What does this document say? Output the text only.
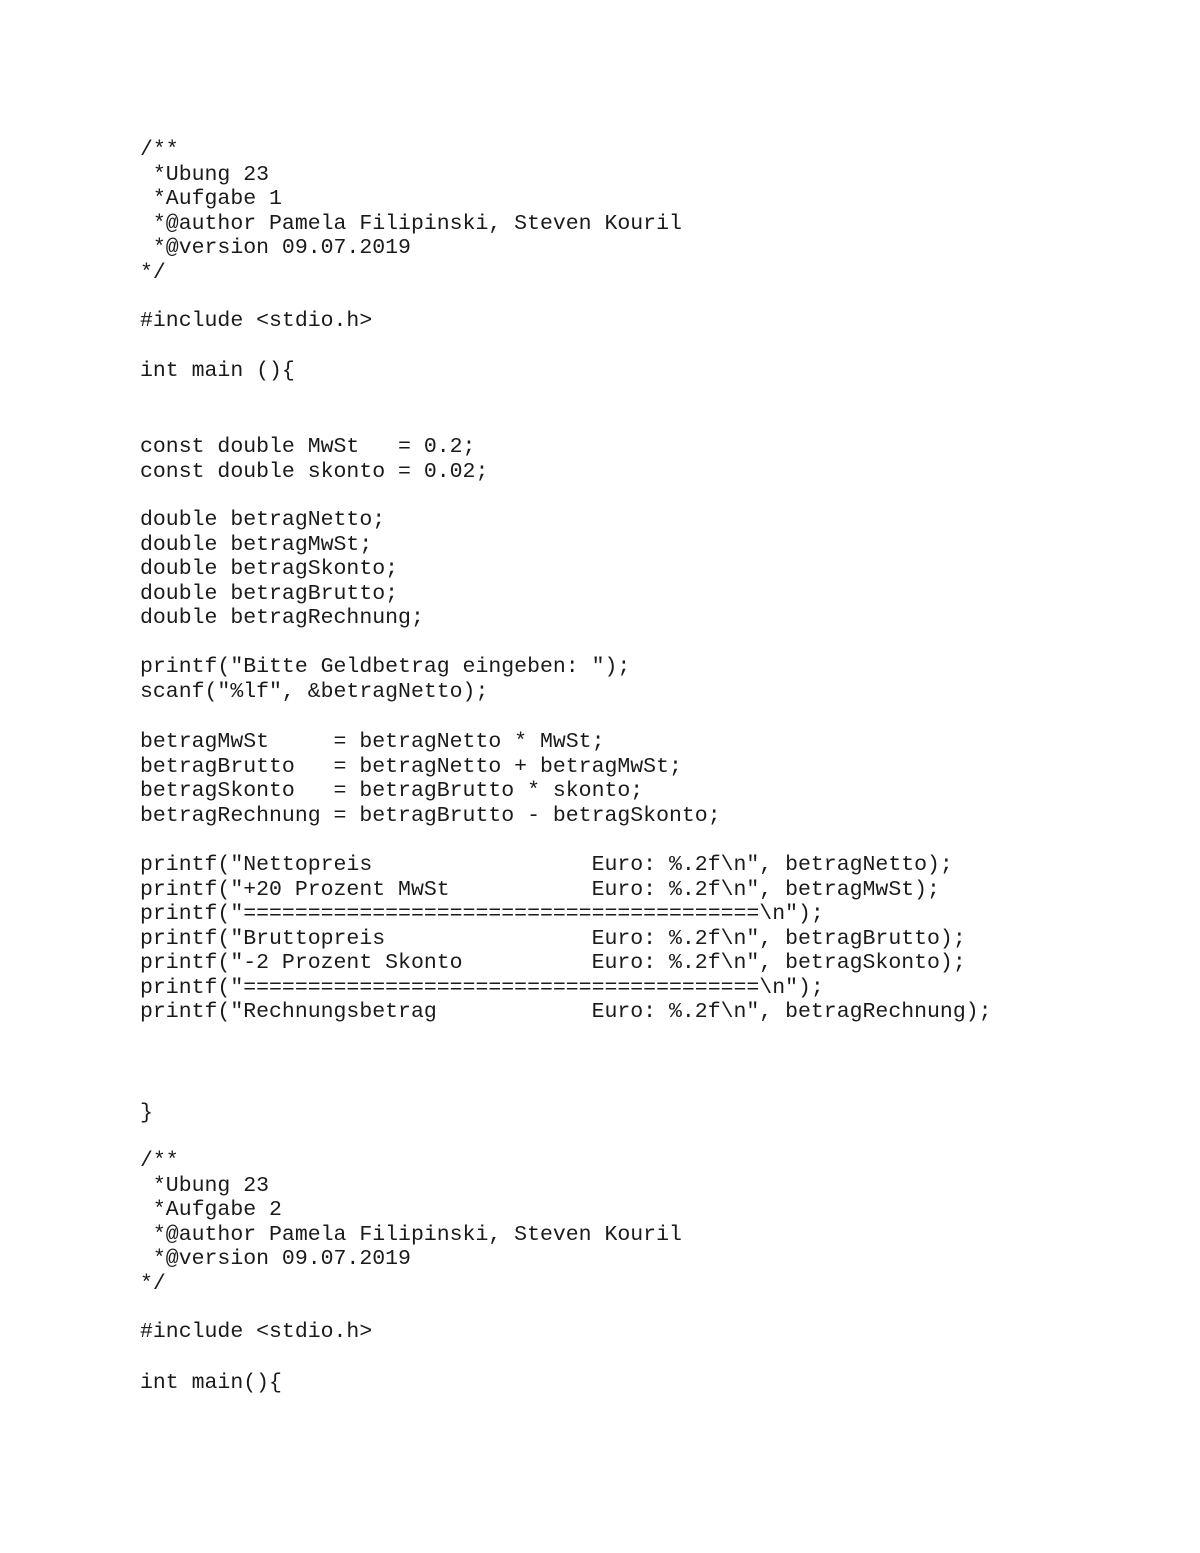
/**
*Ubung 23
*Aufgabe 1
*@author Pamela Filipinski, Steven Kouril
*@version 09.07.2019
*/
#include <stdio.h>
int main (){
const double MwSt   = 0.2;
const double skonto = 0.02;
double betragNetto;
double betragMwSt;
double betragSkonto;
double betragBrutto;
double betragRechnung;
printf("Bitte Geldbetrag eingeben: ");
scanf("%lf", &betragNetto);
betragMwSt     = betragNetto * MwSt;
betragBrutto   = betragNetto + betragMwSt;
betragSkonto   = betragBrutto * skonto;
betragRechnung = betragBrutto - betragSkonto;
printf("Nettopreis                 Euro: %.2f\n", betragNetto);
printf("+20 Prozent MwSt           Euro: %.2f\n", betragMwSt);
printf("========================================\n");
printf("Bruttopreis                Euro: %.2f\n", betragBrutto);
printf("-2 Prozent Skonto          Euro: %.2f\n", betragSkonto);
printf("========================================\n");
printf("Rechnungsbetrag            Euro: %.2f\n", betragRechnung);
}
/**
*Ubung 23
*Aufgabe 2
*@author Pamela Filipinski, Steven Kouril
*@version 09.07.2019
*/
#include <stdio.h>
int main(){
